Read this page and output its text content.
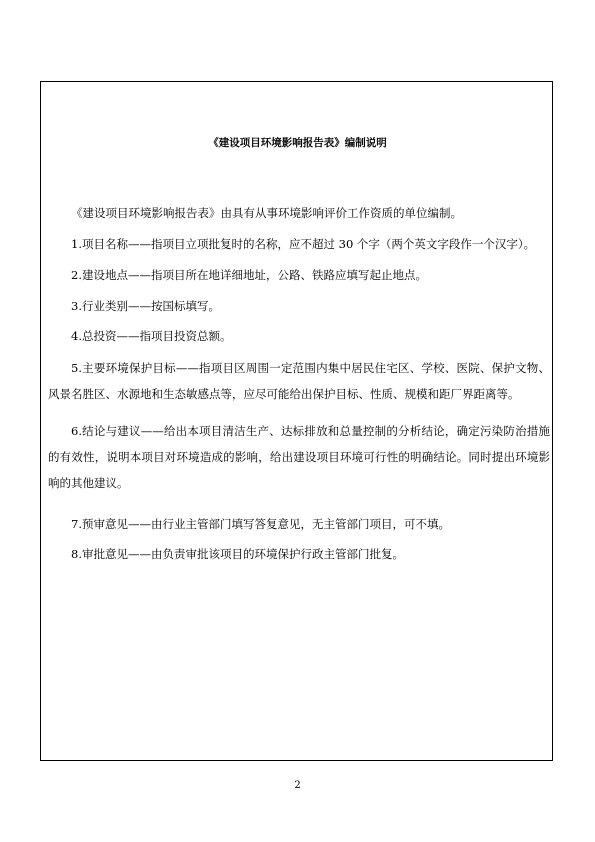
《建设项目环境影响报告表》编制说明

《建设项目环境影响报告表》由具有从事环境影响评价工作资质的单位编制。

1.项目名称——指项目立项批复时的名称，应不超过 30 个字（两个英文字段作一个汉字）。

2.建设地点——指项目所在地详细地址，公路、铁路应填写起止地点。

3.行业类别——按国标填写。

4.总投资——指项目投资总额。

5.主要环境保护目标——指项目区周围一定范围内集中居民住宅区、学校、医院、保护文物、风景名胜区、水源地和生态敏感点等，应尽可能给出保护目标、性质、规模和距厂界距离等。

6.结论与建议——给出本项目清洁生产、达标排放和总量控制的分析结论，确定污染防治措施的有效性，说明本项目对环境造成的影响，给出建设项目环境可行性的明确结论。同时提出环境影响的其他建议。

7.预审意见——由行业主管部门填写答复意见，无主管部门项目，可不填。

8.审批意见——由负责审批该项目的环境保护行政主管部门批复。

2
